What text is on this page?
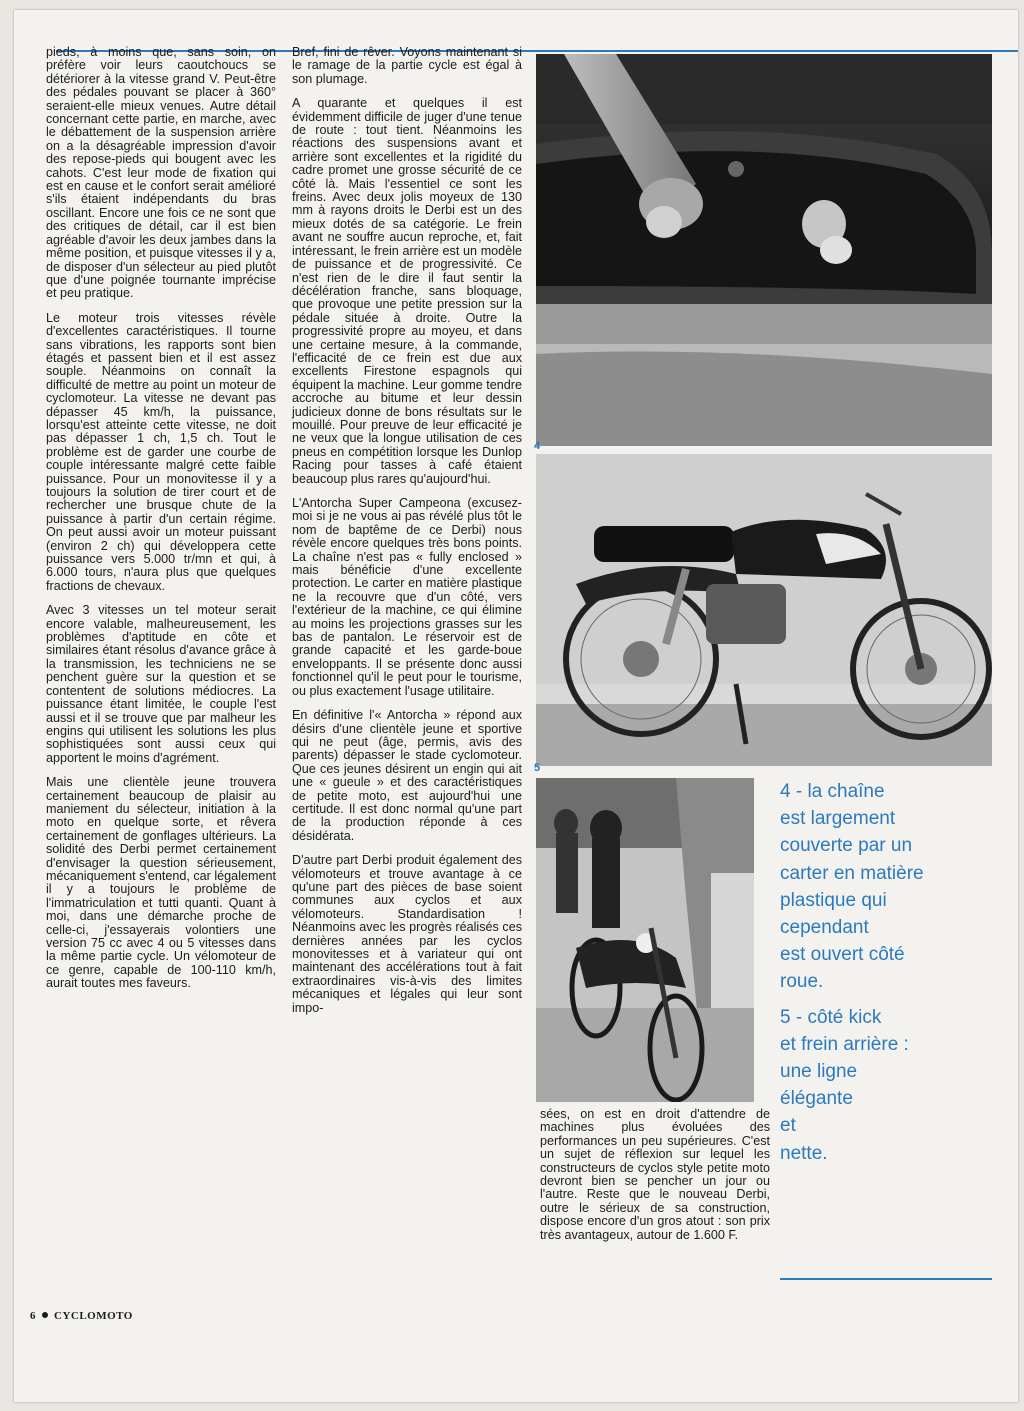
pieds, à moins que, sans soin, on préfère voir leurs caoutchoucs se détériorer à la vitesse grand V. Peut-être des pédales pouvant se placer à 360° seraient-elle mieux venues. Autre détail concernant cette partie, en marche, avec le débattement de la suspension arrière on a la désagréable impression d'avoir des repose-pieds qui bougent avec les cahots. C'est leur mode de fixation qui est en cause et le confort serait amélioré s'ils étaient indépendants du bras oscillant. Encore une fois ce ne sont que des critiques de détail, car il est bien agréable d'avoir les deux jambes dans la même position, et puisque vitesses il y a, de disposer d'un sélecteur au pied plutôt que d'une poignée tournante imprécise et peu pratique.

Le moteur trois vitesses révèle d'excellentes caractéristiques. Il tourne sans vibrations, les rapports sont bien étagés et passent bien et il est assez souple. Néanmoins on connaît la difficulté de mettre au point un moteur de cyclomoteur. La vitesse ne devant pas dépasser 45 km/h, la puissance, lorsqu'est atteinte cette vitesse, ne doit pas dépasser 1 ch, 1,5 ch. Tout le problème est de garder une courbe de couple intéressante malgré cette faible puissance. Pour un monovitesse il y a toujours la solution de tirer court et de rechercher une brusque chute de la puissance à partir d'un certain régime. On peut aussi avoir un moteur puissant (environ 2 ch) qui développera cette puissance vers 5.000 tr/mn et qui, à 6.000 tours, n'aura plus que quelques fractions de chevaux.

Avec 3 vitesses un tel moteur serait encore valable, malheureusement, les problèmes d'aptitude en côte et similaires étant résolus d'avance grâce à la transmission, les techniciens ne se penchent guère sur la question et se contentent de solutions médiocres. La puissance étant limitée, le couple l'est aussi et il se trouve que par malheur les engins qui utilisent les solutions les plus sophistiquées sont aussi ceux qui apportent le moins d'agrément.

Mais une clientèle jeune trouvera certainement beaucoup de plaisir au maniement du sélecteur, initiation à la moto en quelque sorte, et rêvera certainement de gonflages ultérieurs. La solidité des Derbi permet certainement d'envisager la question sérieusement, mécaniquement s'entend, car légalement il y a toujours le problème de l'immatriculation et tutti quanti. Quant à moi, dans une démarche proche de celle-ci, j'essayerais volontiers une version 75 cc avec 4 ou 5 vitesses dans la même partie cycle. Un vélomoteur de ce genre, capable de 100-110 km/h, aurait toutes mes faveurs.

Bref, fini de rêver. Voyons maintenant si le ramage de la partie cycle est égal à son plumage.

A quarante et quelques il est évidemment difficile de juger d'une tenue de route : tout tient. Néanmoins les réactions des suspensions avant et arrière sont excellentes et la rigidité du cadre promet une grosse sécurité de ce côté là. Mais l'essentiel ce sont les freins. Avec deux jolis moyeux de 130 mm à rayons droits le Derbi est un des mieux dotés de sa catégorie. Le frein avant ne souffre aucun reproche, et, fait intéressant, le frein arrière est un modèle de puissance et de progressivité. Ce n'est rien de le dire il faut sentir la décélération franche, sans bloquage, que provoque une petite pression sur la pédale située à droite. Outre la progressivité propre au moyeu, et dans une certaine mesure, à la commande, l'efficacité de ce frein est due aux excellents Firestone espagnols qui équipent la machine. Leur gomme tendre accroche au bitume et leur dessin judicieux donne de bons résultats sur le mouillé. Pour preuve de leur efficacité je ne veux que la longue utilisation de ces pneus en compétition lorsque les Dunlop Racing pour tasses à café étaient beaucoup plus rares qu'aujourd'hui.

L'Antorcha Super Campeona (excusez-moi si je ne vous ai pas révélé plus tôt le nom de baptême de ce Derbi) nous révèle encore quelques très bons points. La chaîne n'est pas « fully enclosed » mais bénéficie d'une excellente protection. Le carter en matière plastique ne la recouvre que d'un côté, vers l'extérieur de la machine, ce qui élimine au moins les projections grasses sur les bas de pantalon. Le réservoir est de grande capacité et les garde-boue enveloppants. Il se présente donc aussi fonctionnel qu'il le peut pour le tourisme, ou plus exactement l'usage utilitaire.

En définitive l'« Antorcha » répond aux désirs d'une clientèle jeune et sportive qui ne peut (âge, permis, avis des parents) dépasser le stade cyclomoteur. Que ces jeunes désirent un engin qui ait une « gueule » et des caractéristiques de petite moto, est aujourd'hui une certitude. Il est donc normal qu'une part de la production réponde à ces désidérata.

D'autre part Derbi produit également des vélomoteurs et trouve avantage à ce qu'une part des pièces de base soient communes aux cyclos et aux vélomoteurs. Standardisation ! Néanmoins avec les progrès réalisés ces dernières années par les cyclos monovitesses et à variateur qui ont maintenant des accélérations tout à fait extraordinaires vis-à-vis des limites mécaniques et légales qui leur sont impo-

4
5

sées, on est en droit d'attendre de machines plus évoluées des performances un peu supérieures. C'est un sujet de réflexion sur lequel les constructeurs de cyclos style petite moto devront bien se pencher un jour ou l'autre. Reste que le nouveau Derbi, outre le sérieux de sa construction, dispose encore d'un gros atout : son prix très avantageux, autour de 1.600 F.

4 - la chaîne
est largement
couverte par un
carter en matière
plastique qui
cependant
est ouvert côté
roue.

5 - côté kick
et frein arrière :
une ligne
élégante
et
nette.

6 CYCLOMOTO
